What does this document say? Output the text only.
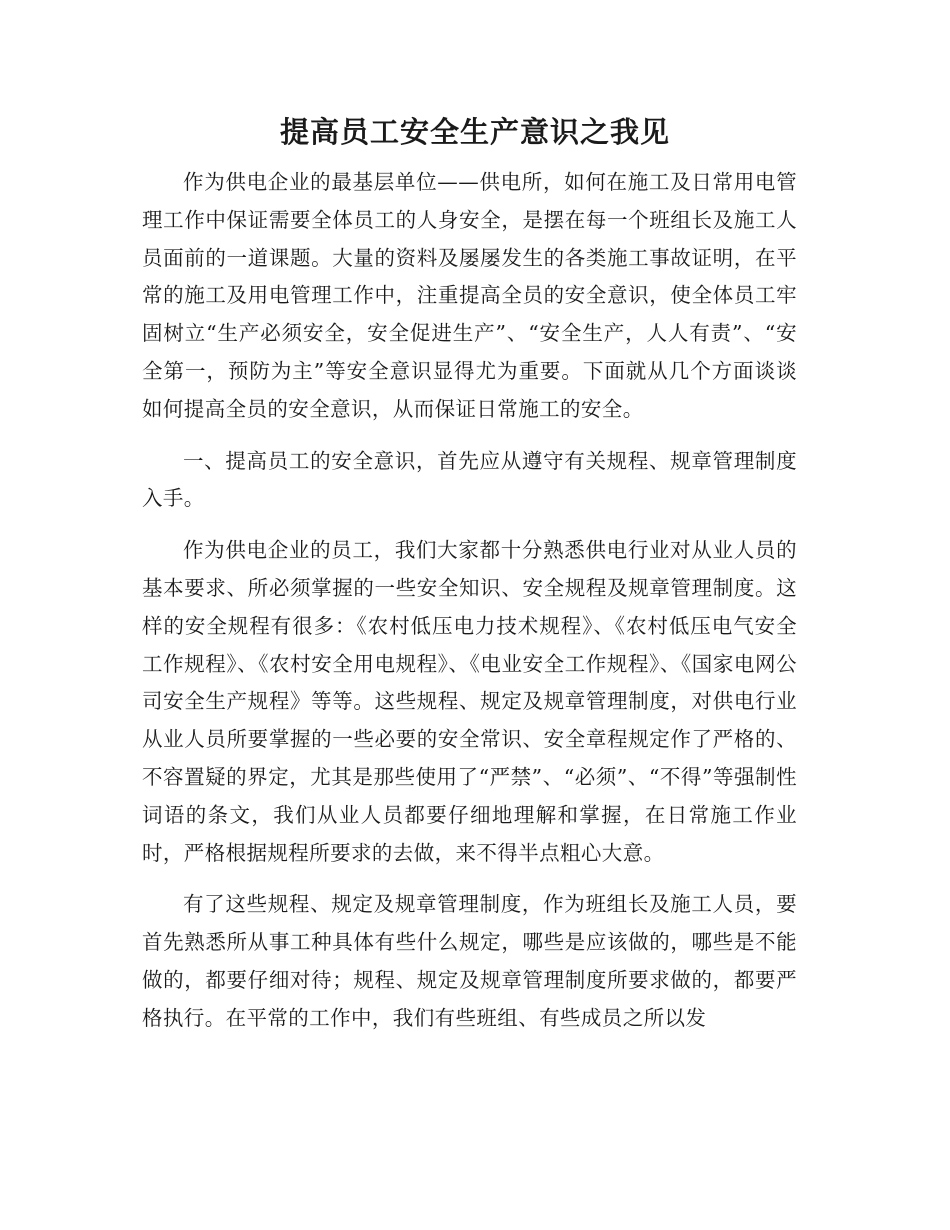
提高员工安全生产意识之我见

作为供电企业的最基层单位——供电所，如何在施工及日常用电管理工作中保证需要全体员工的人身安全，是摆在每一个班组长及施工人员面前的一道课题。大量的资料及屡屡发生的各类施工事故证明，在平常的施工及用电管理工作中，注重提高全员的安全意识，使全体员工牢固树立“生产必须安全，安全促进生产”、“安全生产，人人有责”、“安全第一，预防为主”等安全意识显得尤为重要。下面就从几个方面谈谈如何提高全员的安全意识，从而保证日常施工的安全。

一、提高员工的安全意识，首先应从遵守有关规程、规章管理制度入手。

作为供电企业的员工，我们大家都十分熟悉供电行业对从业人员的基本要求、所必须掌握的一些安全知识、安全规程及规章管理制度。这样的安全规程有很多：《农村低压电力技术规程》、《农村低压电气安全工作规程》、《农村安全用电规程》、《电业安全工作规程》、《国家电网公司安全生产规程》等等。这些规程、规定及规章管理制度，对供电行业从业人员所要掌握的一些必要的安全常识、安全章程规定作了严格的、不容置疑的界定，尤其是那些使用了“严禁”、“必须”、“不得”等强制性词语的条文，我们从业人员都要仔细地理解和掌握，在日常施工作业时，严格根据规程所要求的去做，来不得半点粗心大意。

有了这些规程、规定及规章管理制度，作为班组长及施工人员，要首先熟悉所从事工种具体有些什么规定，哪些是应该做的，哪些是不能做的，都要仔细对待；规程、规定及规章管理制度所要求做的，都要严格执行。在平常的工作中，我们有些班组、有些成员之所以发
